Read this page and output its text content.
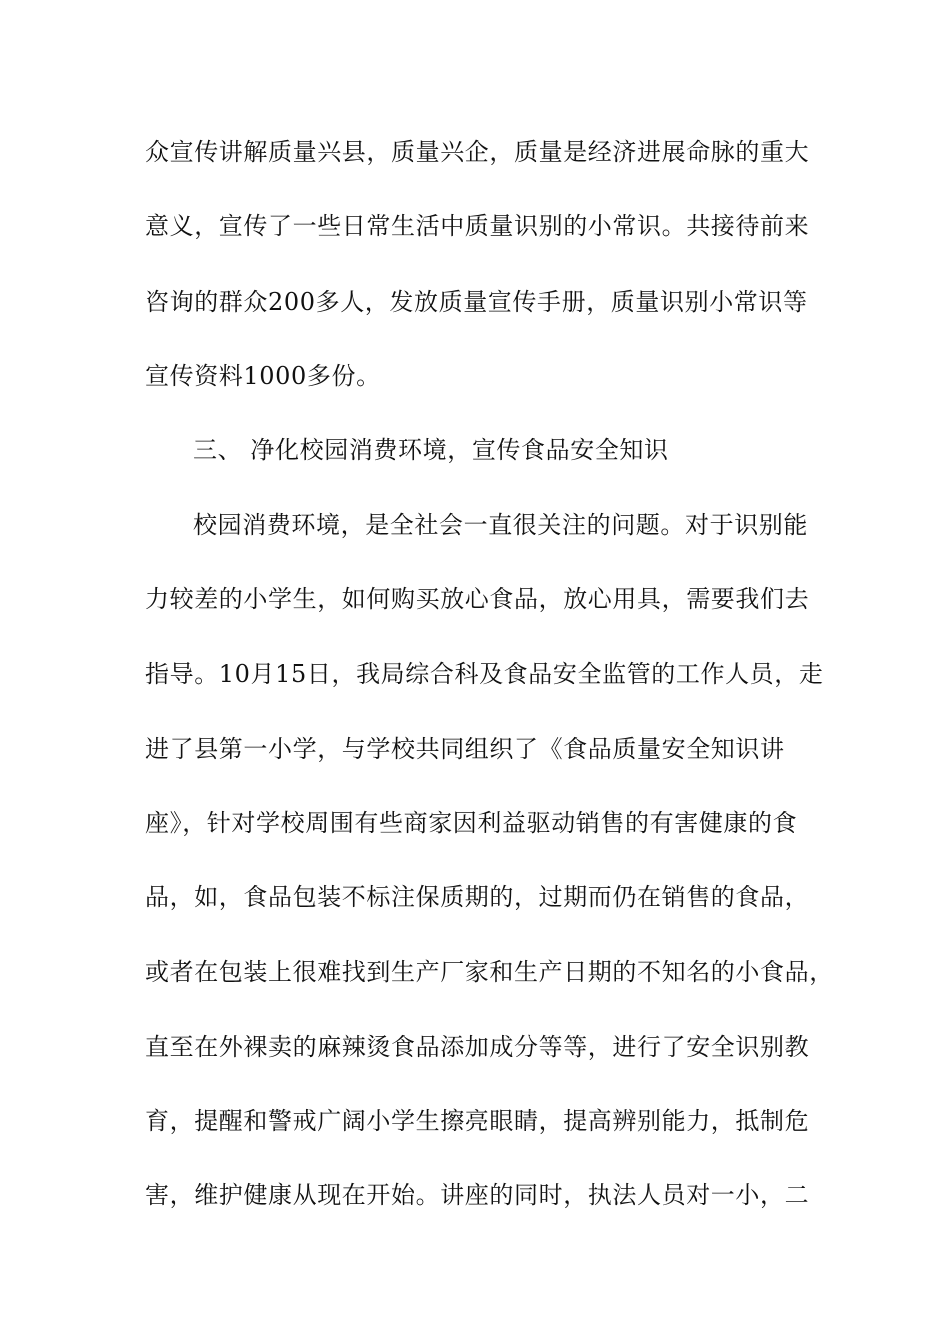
众宣传讲解质量兴县，质量兴企，质量是经济进展命脉的重大
意义，宣传了一些日常生活中质量识别的小常识。共接待前来
咨询的群众200多人，发放质量宣传手册，质量识别小常识等
宣传资料1000多份。
三、 净化校园消费环境，宣传食品安全知识
校园消费环境，是全社会一直很关注的问题。对于识别能
力较差的小学生，如何购买放心食品，放心用具，需要我们去
指导。10月15日，我局综合科及食品安全监管的工作人员，走
进了县第一小学，与学校共同组织了《食品质量安全知识讲
座》，针对学校周围有些商家因利益驱动销售的有害健康的食
品，如，食品包装不标注保质期的，过期而仍在销售的食品，
或者在包装上很难找到生产厂家和生产日期的不知名的小食品，
直至在外裸卖的麻辣烫食品添加成分等等，进行了安全识别教
育，提醒和警戒广阔小学生擦亮眼睛，提高辨别能力，抵制危
害，维护健康从现在开始。讲座的同时，执法人员对一小，二
